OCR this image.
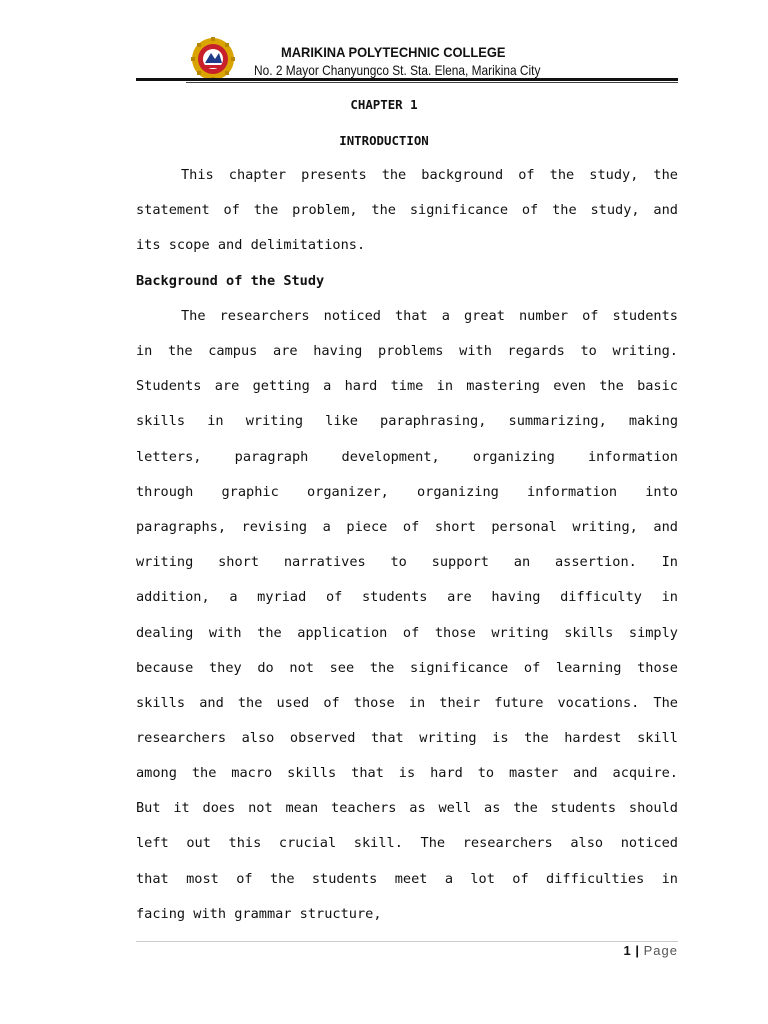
MARIKINA POLYTECHNIC COLLEGE
No. 2 Mayor Chanyungco St. Sta. Elena, Marikina City
CHAPTER 1
INTRODUCTION
This chapter presents the background of the study, the
statement of the problem, the significance of the study, and
its scope and delimitations.
Background of the Study
The researchers noticed that a great number of students
in the campus are having problems with regards to writing.
Students are getting a hard time in mastering even the basic
skills in writing like paraphrasing, summarizing, making
letters, paragraph development, organizing information
through graphic organizer, organizing information into
paragraphs, revising a piece of short personal writing, and
writing short narratives to support an assertion. In
addition, a myriad of students are having difficulty in
dealing with the application of those writing skills simply
because they do not see the significance of learning those
skills and the used of those in their future vocations. The
researchers also observed that writing is the hardest skill
among the macro skills that is hard to master and acquire.
But it does not mean teachers as well as the students should
left out this crucial skill. The researchers also noticed
that most of the students meet a lot of difficulties in
facing with grammar structure,
1 | Page
